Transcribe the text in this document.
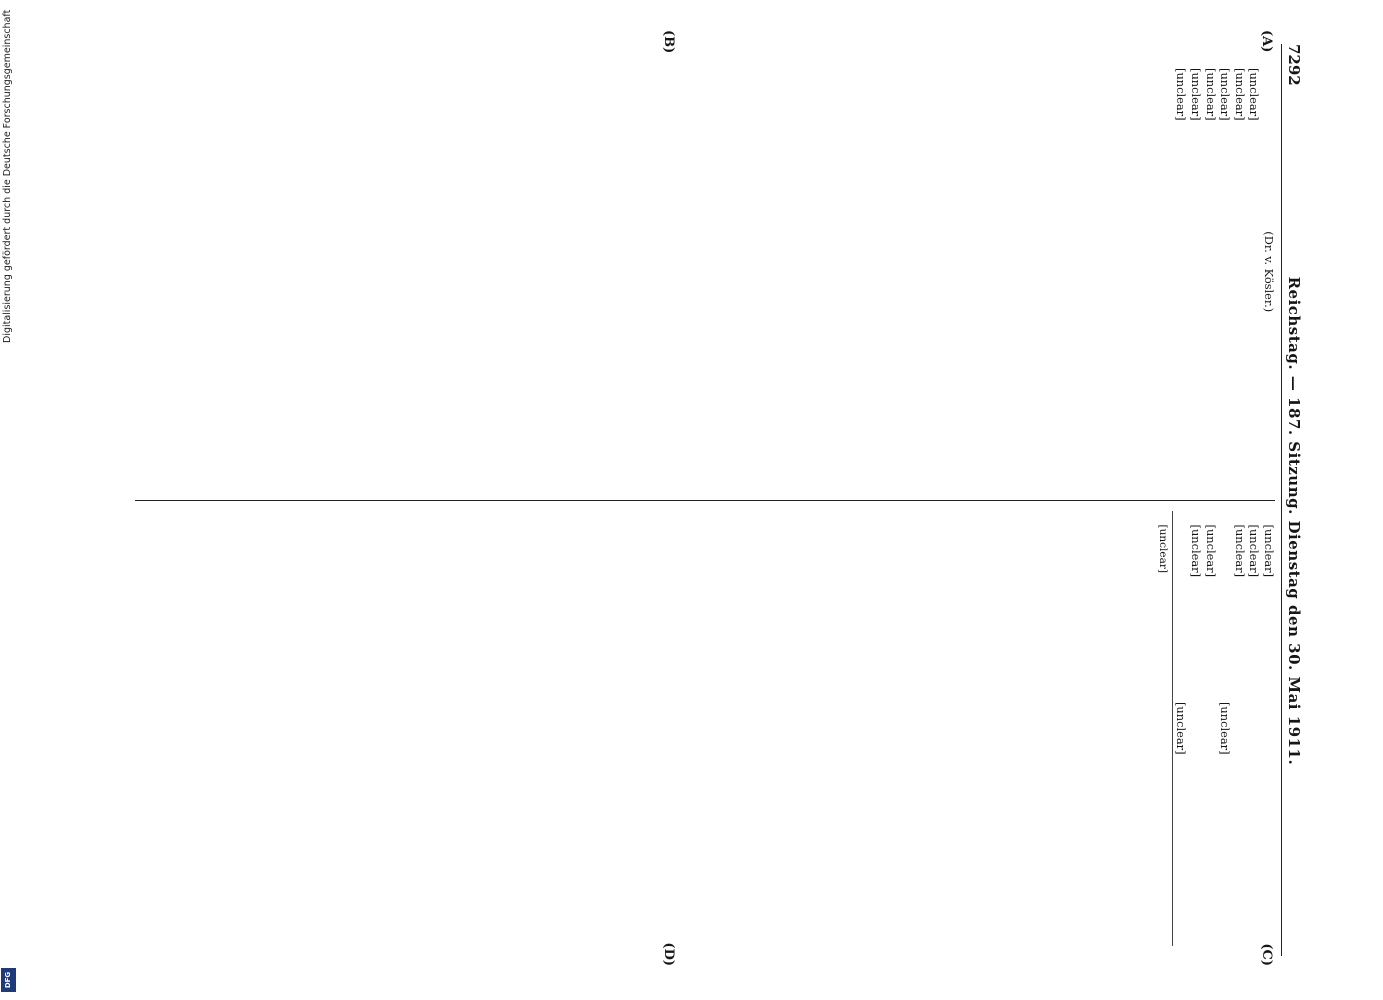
Digitalisierung gefördert durch die Deutsche Forschungsgemeinschaft
DFG
7292
Reichstag. — 187. Sitzung. Dienstag den 30. Mai 1911.
(A)
(B)

(Dr. v. Kösler.)

[unclear]

[unclear]

[unclear]

[unclear]

[unclear]

[unclear]

(C)
(D)

[unclear]

[unclear]

[unclear]

[unclear]

[unclear]

[unclear]

[unclear]

[unclear]
